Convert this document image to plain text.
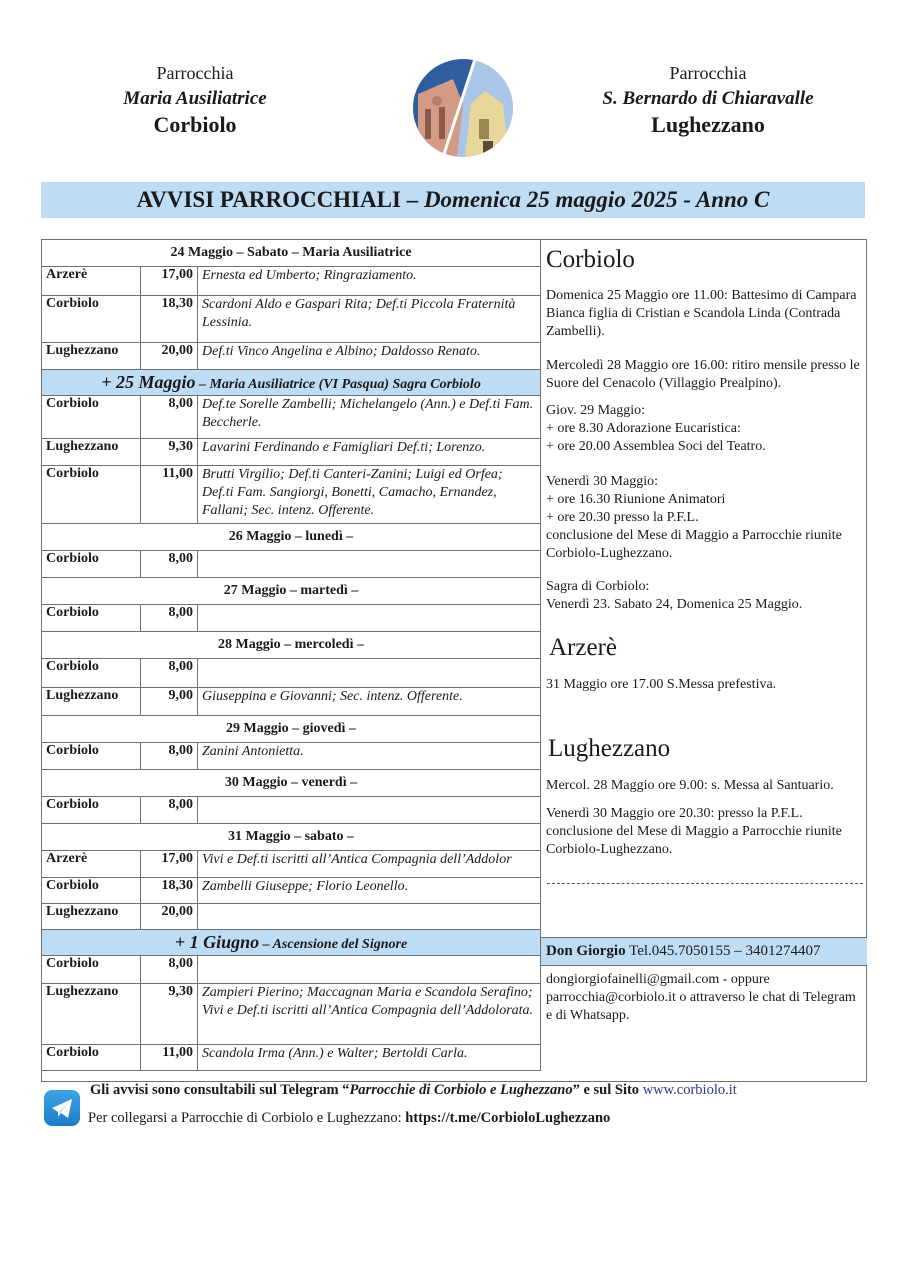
Parrocchia
Maria Ausiliatrice
Corbiolo
Parrocchia
S. Bernardo di Chiaravalle
Lughezzano
AVVISI PARROCCHIALI – Domenica 25 maggio 2025 - Anno C
24 Maggio – Sabato – Maria Ausiliatrice		
Arzerè	17,00	Ernesta ed Umberto; Ringraziamento.
Corbiolo	18,30	Scardoni Aldo e Gaspari Rita; Def.ti Piccola Fraternità Lessinia.
Lughezzano	20,00	Def.ti Vinco Angelina e Albino; Daldosso Renato.
+ 25 Maggio – Maria Ausiliatrice (VI Pasqua) Sagra Corbiolo		
Corbiolo	8,00	Def.te Sorelle Zambelli; Michelangelo (Ann.) e Def.ti Fam. Beccherle.
Lughezzano	9,30	Lavarini Ferdinando e Famigliari Def.ti; Lorenzo.
Corbiolo	11,00	Brutti Virgilio; Def.ti Canteri-Zanini; Luigi ed Orfea; Def.ti Fam. Sangiorgi, Bonetti, Camacho, Ernandez, Fallani; Sec. intenz. Offerente.
26 Maggio – lunedì –		
Corbiolo	8,00	
27 Maggio – martedì –		
Corbiolo	8,00	
28 Maggio – mercoledì –		
Corbiolo	8,00	
Lughezzano	9,00	Giuseppina e Giovanni; Sec. intenz. Offerente.
29 Maggio – giovedì –		
Corbiolo	8,00	Zanini Antonietta.
30 Maggio – venerdì –		
Corbiolo	8,00	
31 Maggio – sabato –		
Arzerè	17,00	Vivi e Def.ti iscritti all’Antica Compagnia dell’Addolor
Corbiolo	18,30	Zambelli Giuseppe; Florio Leonello.
Lughezzano	20,00	
+ 1 Giugno – Ascensione del Signore		
Corbiolo	8,00	
Lughezzano	9,30	Zampieri Pierino; Maccagnan Maria e Scandola Serafino; Vivi e Def.ti iscritti all’Antica Compagnia dell’Addolorata.
Corbiolo	11,00	Scandola Irma (Ann.) e Walter; Bertoldi Carla.
Corbiolo
Domenica 25 Maggio ore 11.00: Battesimo di Campara Bianca figlia di Cristian e Scandola Linda (Contrada Zambelli).
Mercoledì 28 Maggio ore 16.00: ritiro mensile presso le Suore del Cenacolo (Villaggio Prealpino).
Giov. 29 Maggio:
+ ore 8.30 Adorazione Eucaristica:
+ ore 20.00 Assemblea Soci del Teatro.
Venerdì 30 Maggio:
+ ore 16.30 Riunione Animatori
+ ore 20.30 presso la P.F.L.
conclusione del Mese di Maggio a Parrocchie riunite Corbiolo-Lughezzano.
Sagra di Corbiolo:
Venerdì 23. Sabato 24, Domenica 25 Maggio.
Arzerè
31 Maggio ore 17.00 S.Messa prefestiva.
Lughezzano
Mercol. 28 Maggio ore 9.00: s. Messa al Santuario.
Venerdì 30 Maggio ore 20.30: presso la P.F.L. conclusione del Mese di Maggio a Parrocchie riunite Corbiolo-Lughezzano.
Don Giorgio Tel.045.7050155 – 3401274407
dongiorgiofainelli@gmail.com - oppure parrocchia@corbiolo.it o attraverso le chat di Telegram e di Whatsapp.
Gli avvisi sono consultabili sul Telegram “Parrocchie di Corbiolo e Lughezzano” e sul Sito www.corbiolo.it
Per collegarsi a Parrocchie di Corbiolo e Lughezzano: https://t.me/CorbioloLughezzano
